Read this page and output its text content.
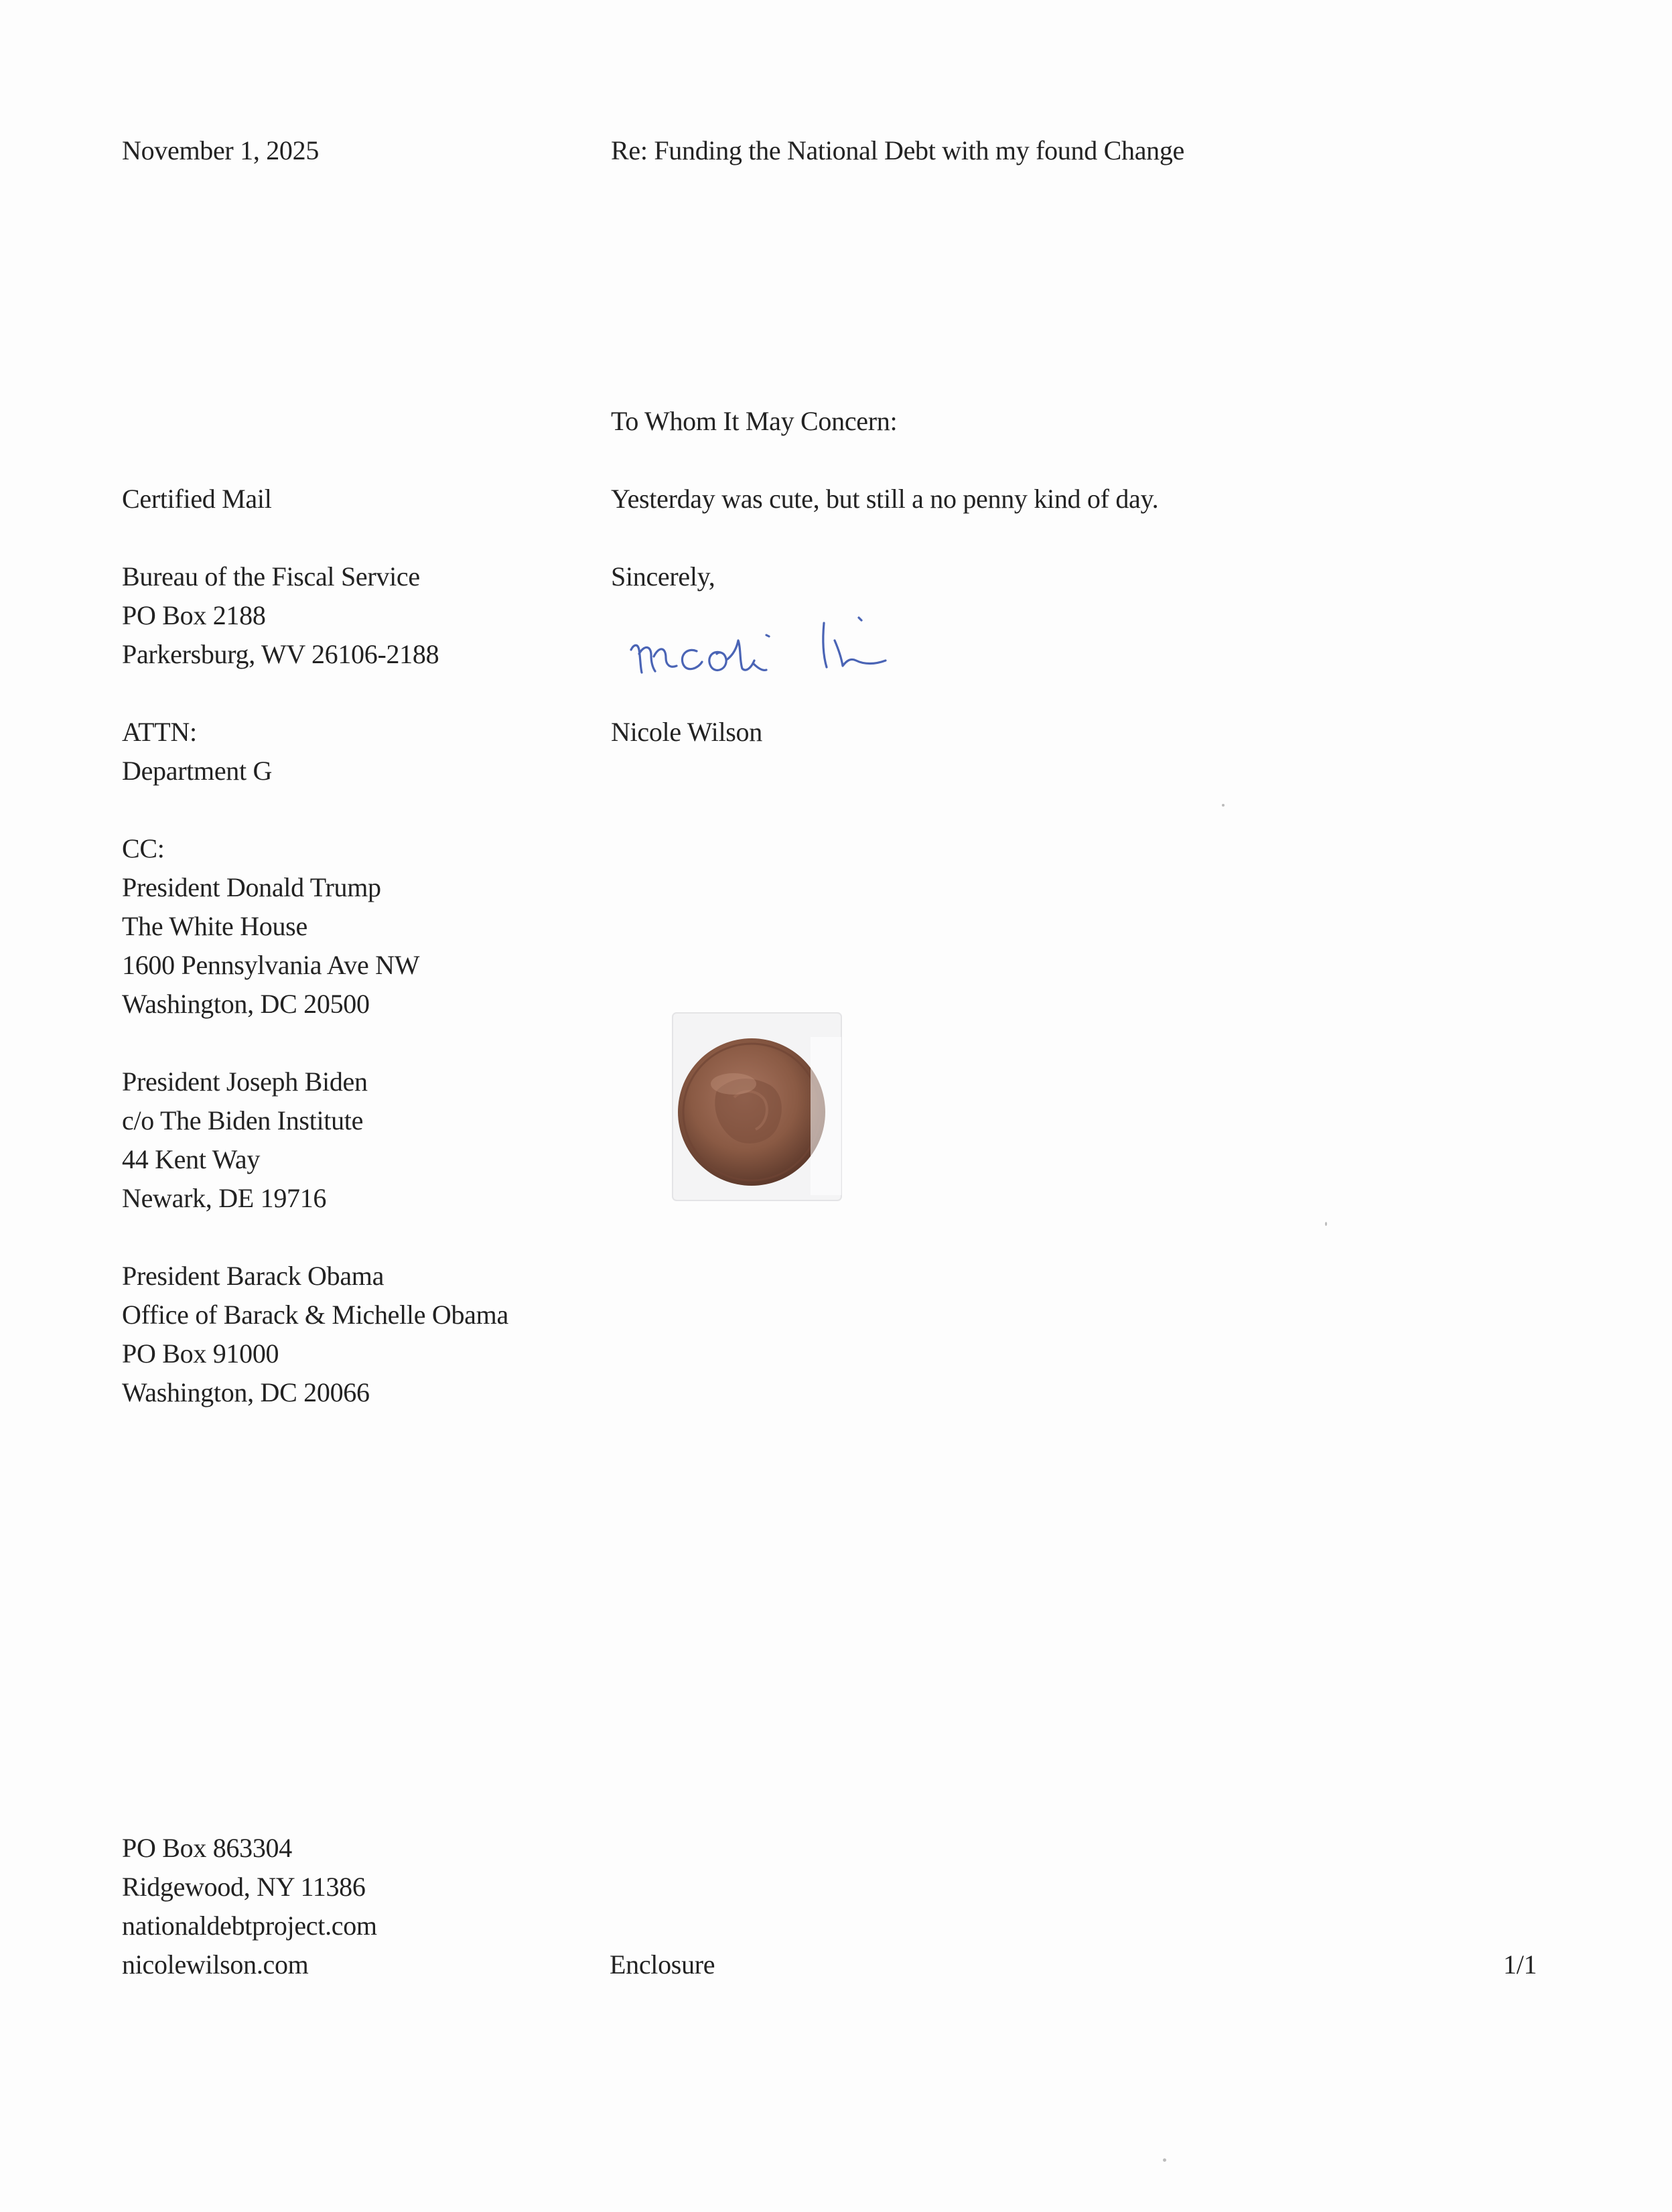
November 1, 2025	Re: Funding the National Debt with my found Change
To Whom It May Concern:
Certified Mail	Yesterday was cute, but still a no penny kind of day.
Bureau of the Fiscal Service
PO Box 2188
Parkersburg, WV 26106-2188
Sincerely,
Nicole Wilson
ATTN:
Department G
CC:
President Donald Trump
The White House
1600 Pennsylvania Ave NW
Washington, DC 20500
President Joseph Biden
c/o The Biden Institute
44 Kent Way
Newark, DE 19716
President Barack Obama
Office of Barack & Michelle Obama
PO Box 91000
Washington, DC 20066
PO Box 863304
Ridgewood, NY 11386
nationaldebtproject.com
nicolewilson.com	Enclosure	1/1
